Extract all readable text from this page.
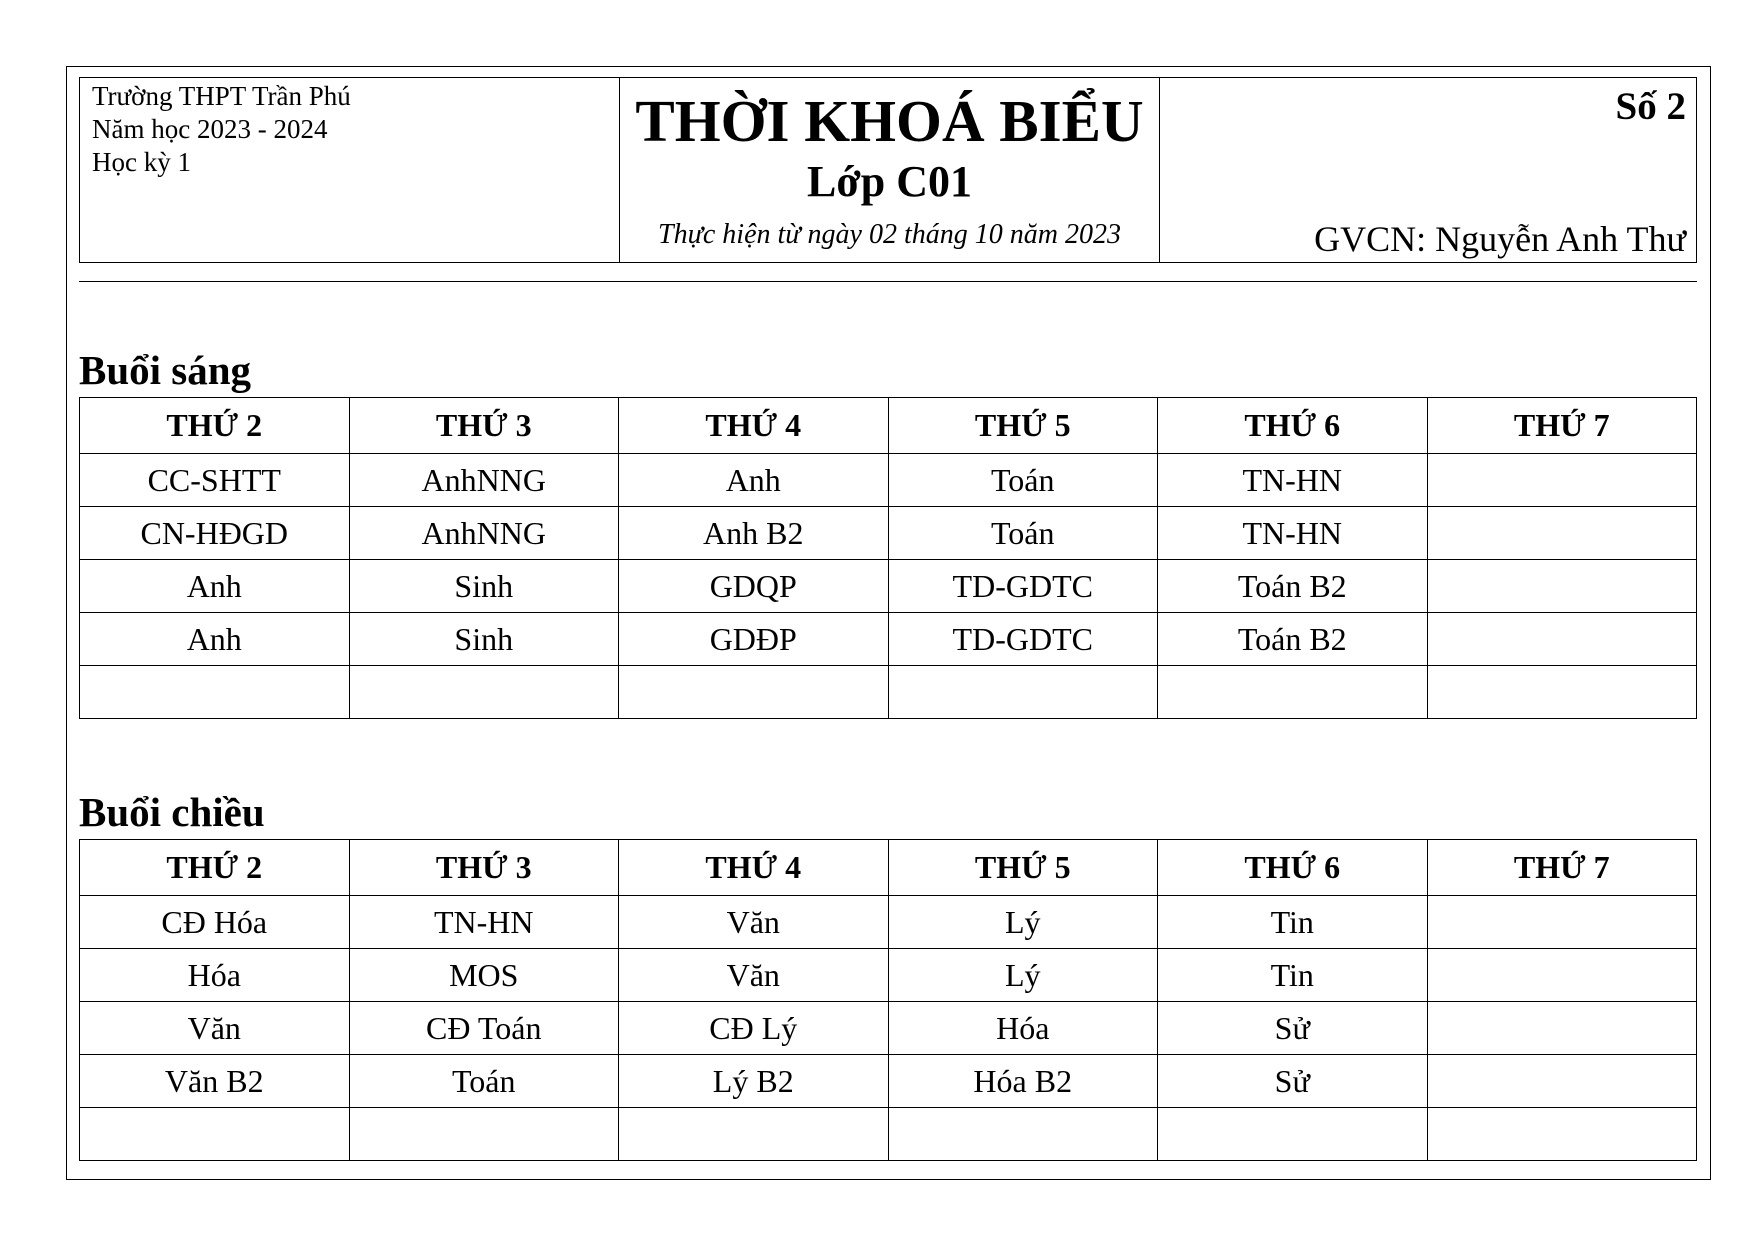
Trường THPT Trần Phú
Năm học 2023 - 2024
Học kỳ 1
THỜI KHOÁ BIỂU
Lớp C01
Thực hiện từ ngày 02 tháng 10 năm 2023
Số 2
GVCN: Nguyễn Anh Thư
Buổi sáng
THỨ 2	THỨ 3	THỨ 4	THỨ 5	THỨ 6	THỨ 7
CC-SHTT	AnhNNG	Anh	Toán	TN-HN	
CN-HĐGD	AnhNNG	Anh B2	Toán	TN-HN	
Anh	Sinh	GDQP	TD-GDTC	Toán B2	
Anh	Sinh	GDĐP	TD-GDTC	Toán B2	

Buổi chiều
THỨ 2	THỨ 3	THỨ 4	THỨ 5	THỨ 6	THỨ 7
CĐ Hóa	TN-HN	Văn	Lý	Tin	
Hóa	MOS	Văn	Lý	Tin	
Văn	CĐ Toán	CĐ Lý	Hóa	Sử	
Văn B2	Toán	Lý B2	Hóa B2	Sử	
